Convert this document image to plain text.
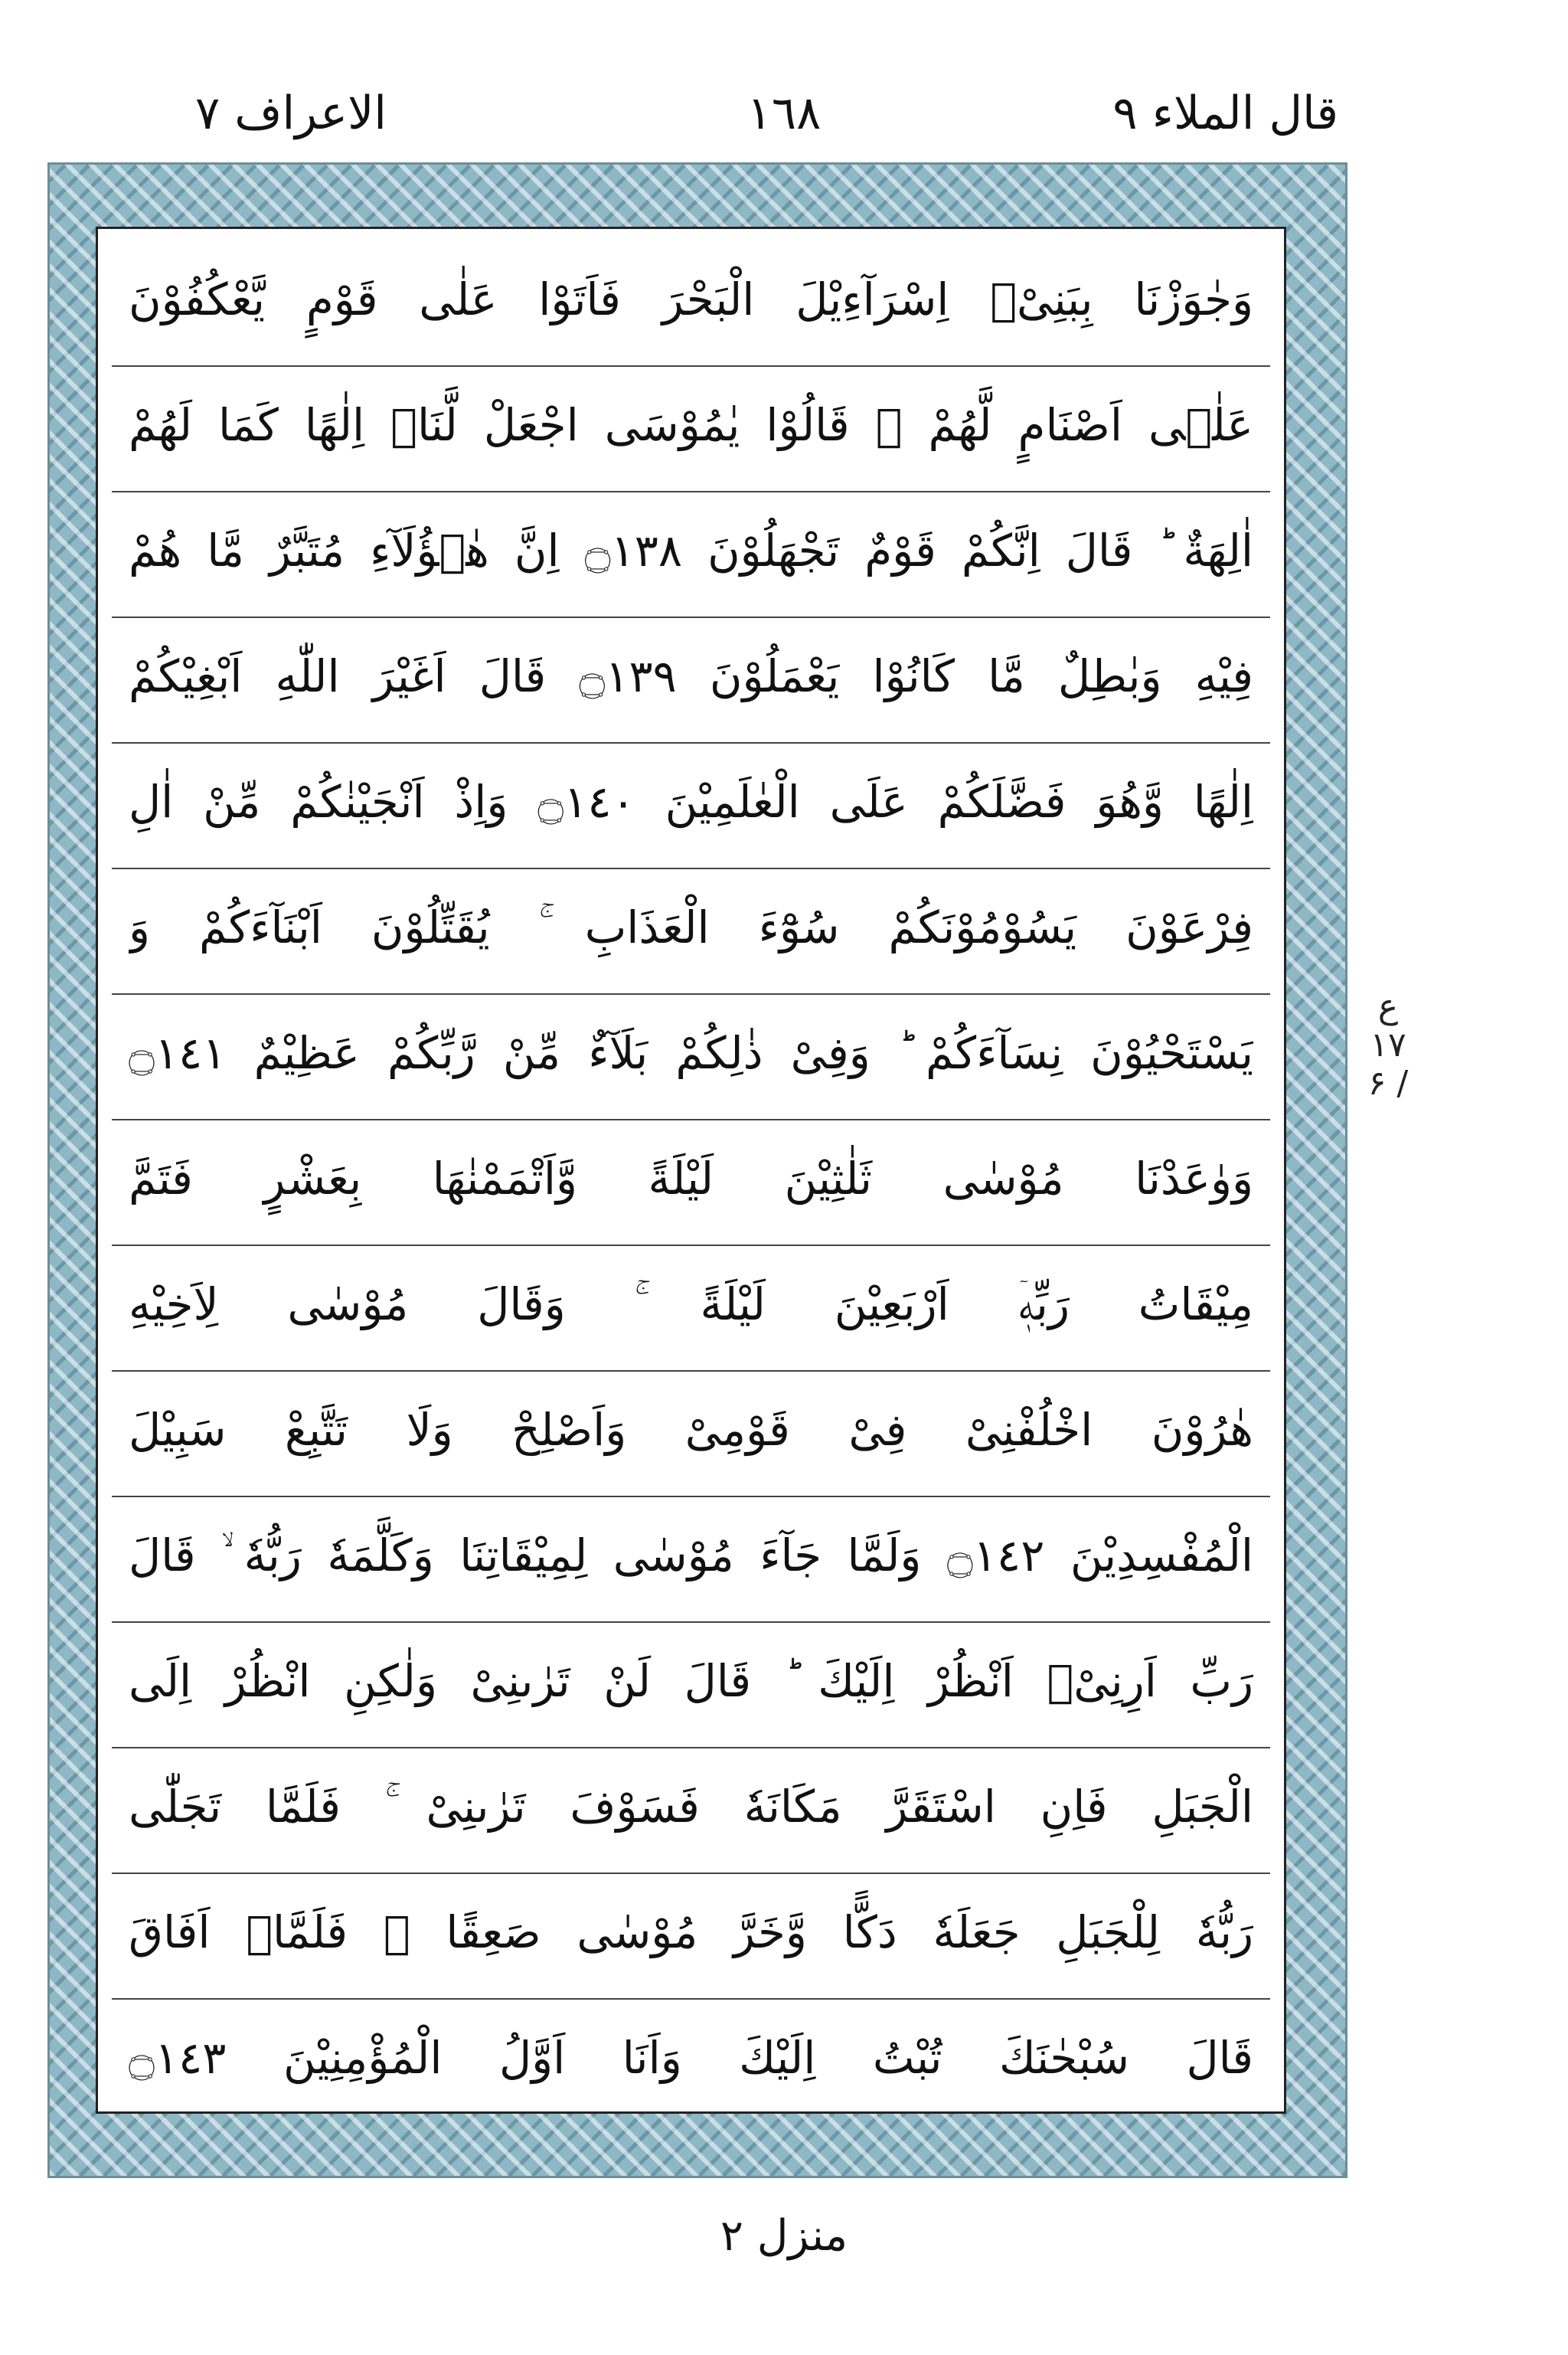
قال الملاء ٩
١٦٨
الاعراف ٧
وَجٰوَزْنَا بِبَنِیْۤ اِسْرَآءِیْلَ الْبَحْرَ فَاَتَوْا عَلٰی قَوْمٍ یَّعْكُفُوْنَ
عَلٰۤی اَصْنَامٍ لَّهُمْ ۚ قَالُوْا یٰمُوْسَی اجْعَلْ لَّنَاۤ اِلٰهًا كَمَا لَهُمْ
اٰلِهَةٌ ؕ قَالَ اِنَّكُمْ قَوْمٌ تَجْهَلُوْنَ ۝١٣٨ اِنَّ هٰۤؤُلَآءِ مُتَبَّرٌ مَّا هُمْ
فِیْهِ وَبٰطِلٌ مَّا كَانُوْا یَعْمَلُوْنَ ۝١٣٩ قَالَ اَغَیْرَ اللّٰهِ اَبْغِیْكُمْ
اِلٰهًا وَّهُوَ فَضَّلَكُمْ عَلَی الْعٰلَمِیْنَ ۝١٤٠ وَاِذْ اَنْجَیْنٰكُمْ مِّنْ اٰلِ
فِرْعَوْنَ یَسُوْمُوْنَكُمْ سُوْٓءَ الْعَذَابِ ۚ یُقَتِّلُوْنَ اَبْنَآءَكُمْ وَ
یَسْتَحْیُوْنَ نِسَآءَكُمْ ؕ وَفِیْ ذٰلِكُمْ بَلَآءٌ مِّنْ رَّبِّكُمْ عَظِیْمٌ ۝١٤١
وَوٰعَدْنَا مُوْسٰی ثَلٰثِیْنَ لَیْلَةً وَّاَتْمَمْنٰهَا بِعَشْرٍ فَتَمَّ
مِیْقَاتُ رَبِّهٖۤ اَرْبَعِیْنَ لَیْلَةً ۚ وَقَالَ مُوْسٰی لِاَخِیْهِ
هٰرُوْنَ اخْلُفْنِیْ فِیْ قَوْمِیْ وَاَصْلِحْ وَلَا تَتَّبِعْ سَبِیْلَ
الْمُفْسِدِیْنَ ۝١٤٢ وَلَمَّا جَآءَ مُوْسٰی لِمِیْقَاتِنَا وَكَلَّمَهٗ رَبُّهٗ ۙ قَالَ
رَبِّ اَرِنِیْۤ اَنْظُرْ اِلَیْكَ ؕ قَالَ لَنْ تَرٰىنِیْ وَلٰكِنِ انْظُرْ اِلَی
الْجَبَلِ فَاِنِ اسْتَقَرَّ مَكَانَهٗ فَسَوْفَ تَرٰىنِیْ ۚ فَلَمَّا تَجَلّٰی
رَبُّهٗ لِلْجَبَلِ جَعَلَهٗ دَكًّا وَّخَرَّ مُوْسٰی صَعِقًا ۚ فَلَمَّاۤ اَفَاقَ
قَالَ سُبْحٰنَكَ تُبْتُ اِلَیْكَ وَاَنَا اَوَّلُ الْمُؤْمِنِیْنَ ۝١٤٣
ع ۱۷ / ۶
منزل ٢
